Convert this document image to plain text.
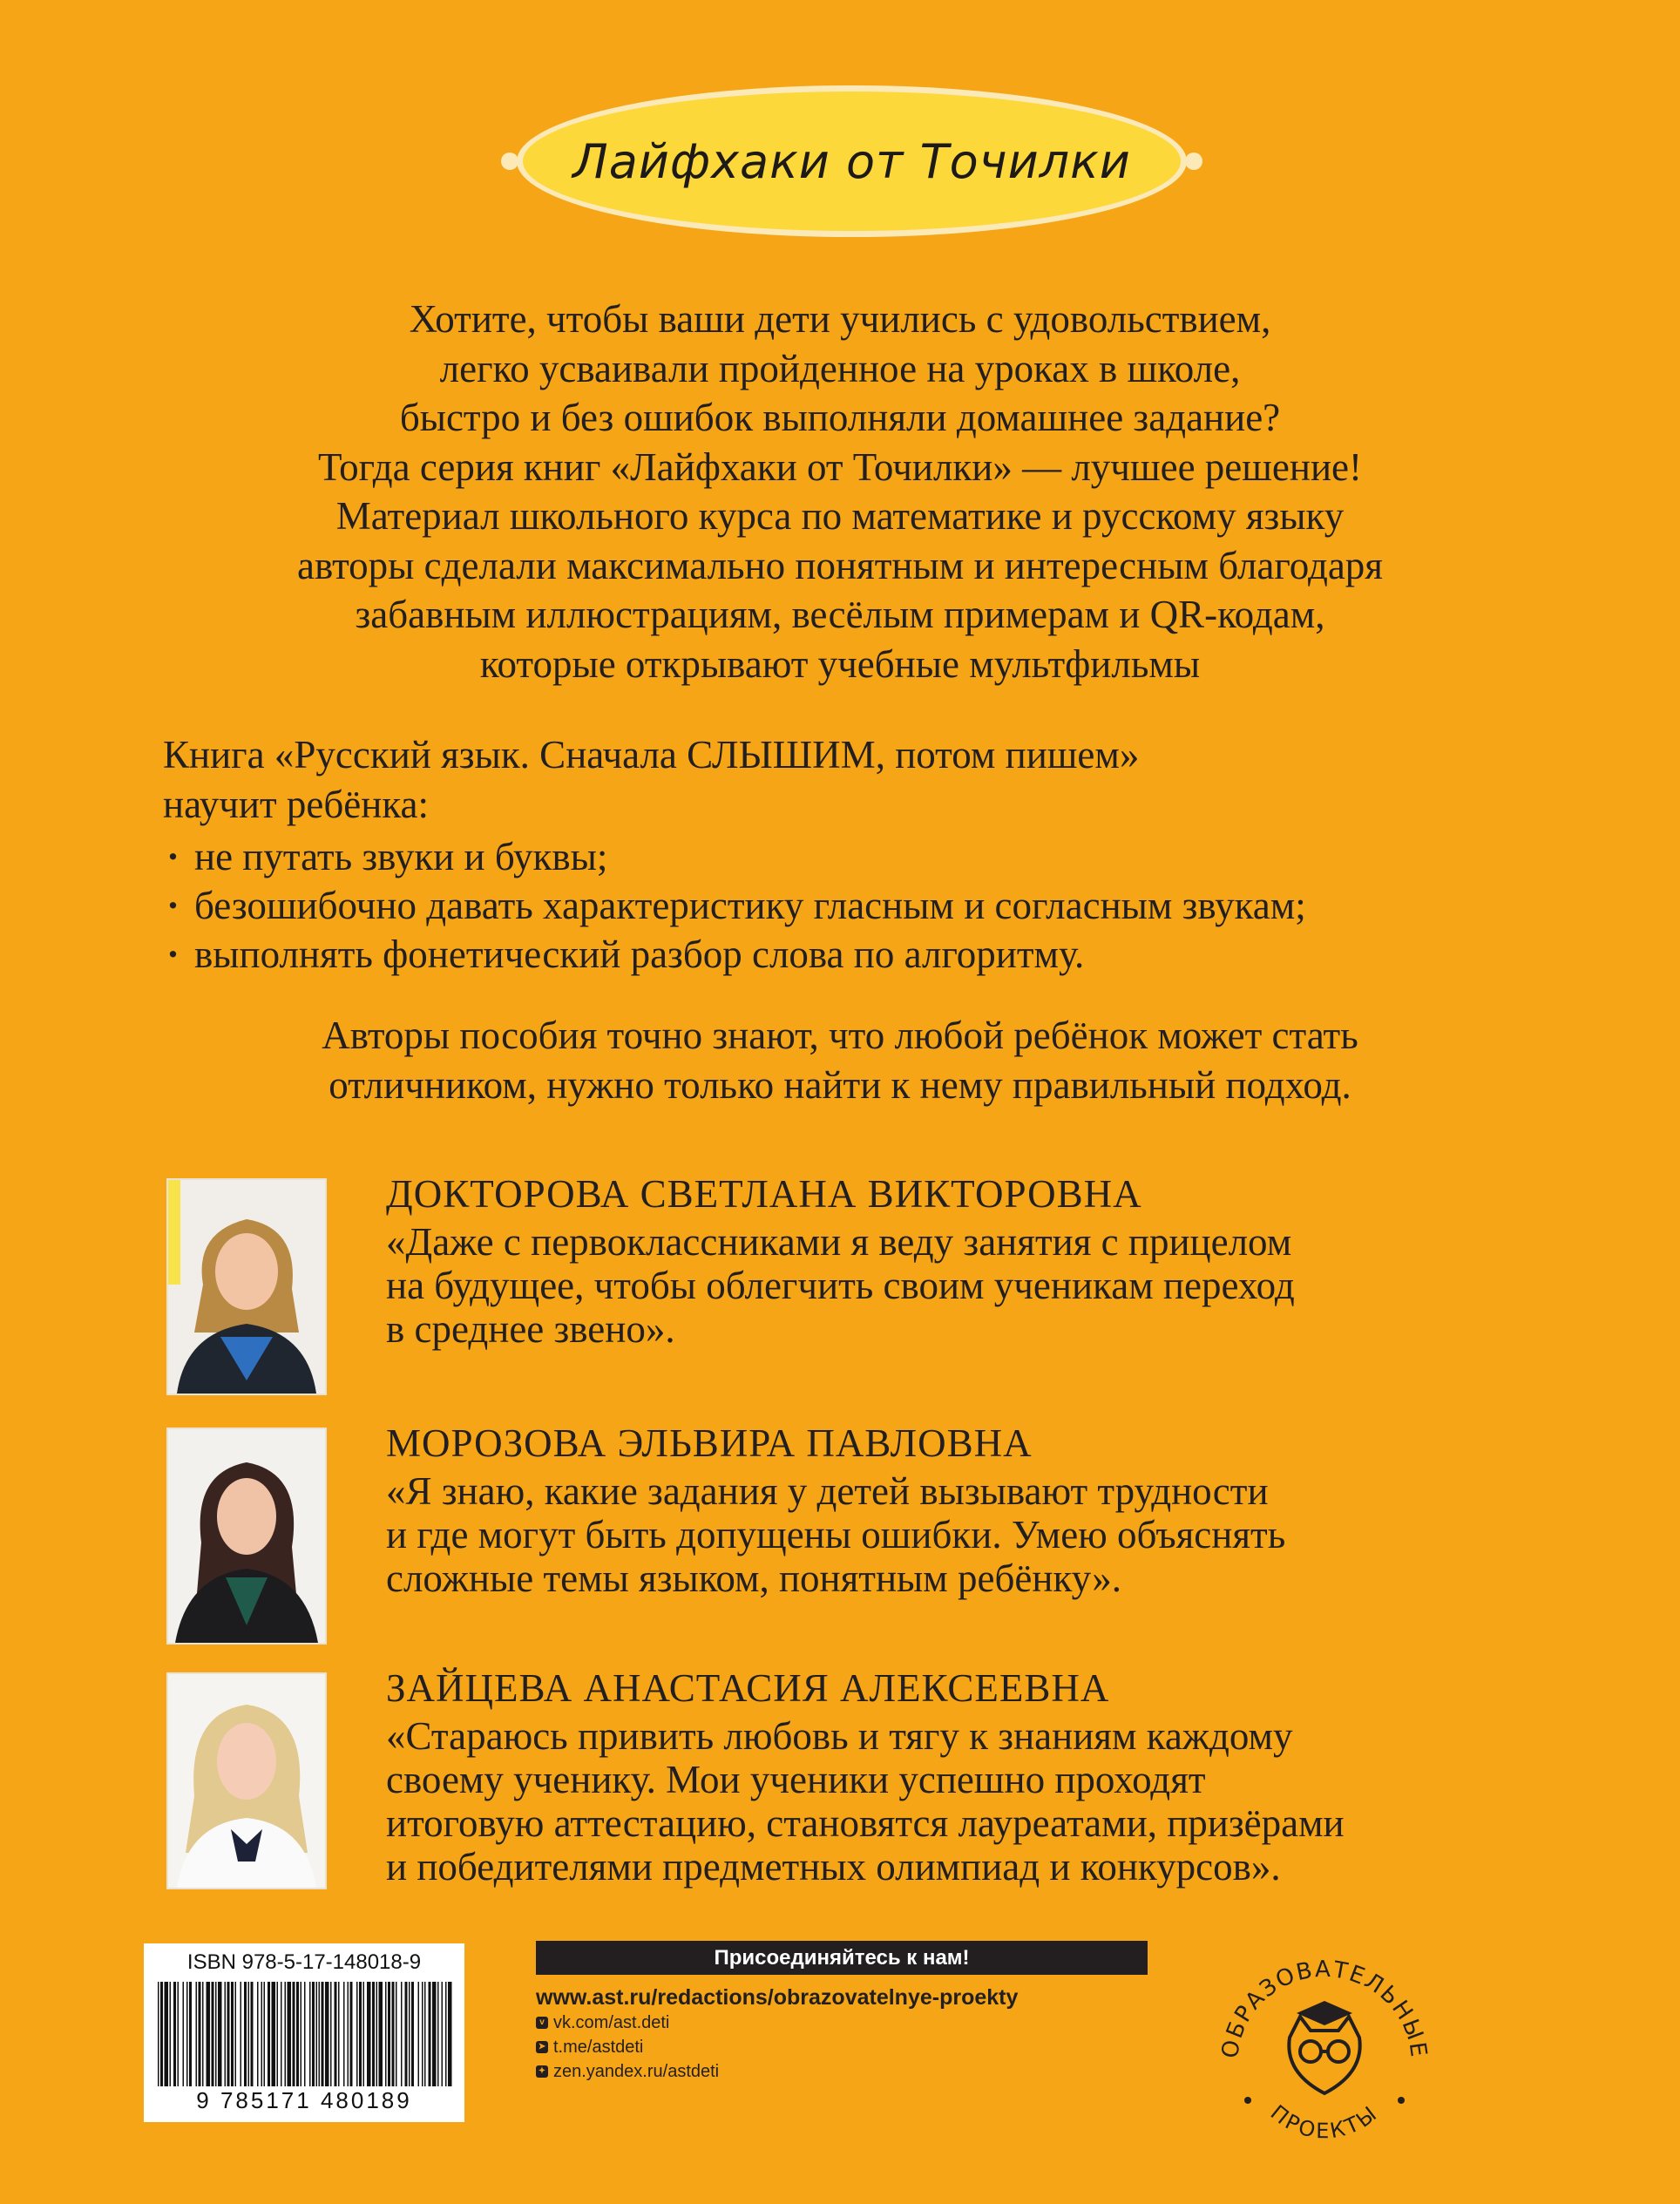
Лайфхаки от Точилки

Хотите, чтобы ваши дети учились с удовольствием,
легко усваивали пройденное на уроках в школе,
быстро и без ошибок выполняли домашнее задание?
Тогда серия книг «Лайфхаки от Точилки» — лучшее решение!
Материал школьного курса по математике и русскому языку
авторы сделали максимально понятным и интересным благодаря
забавным иллюстрациям, весёлым примерам и QR-кодам,
которые открывают учебные мультфильмы

Книга «Русский язык. Сначала СЛЫШИМ, потом пишем»
научит ребёнка:
· не путать звуки и буквы;
· безошибочно давать характеристику гласным и согласным звукам;
· выполнять фонетический разбор слова по алгоритму.
Авторы пособия точно знают, что любой ребёнок может стать
отличником, нужно только найти к нему правильный подход.
ДОКТОРОВА СВЕТЛАНА ВИКТОРОВНА
«Даже с первоклассниками я веду занятия с прицелом
на будущее, чтобы облегчить своим ученикам переход
в среднее звено».
МОРОЗОВА ЭЛЬВИРА ПАВЛОВНА
«Я знаю, какие задания у детей вызывают трудности
и где могут быть допущены ошибки. Умею объяснять
сложные темы языком, понятным ребёнку».
ЗАЙЦЕВА АНАСТАСИЯ АЛЕКСЕЕВНА
«Стараюсь привить любовь и тягу к знаниям каждому
своему ученику. Мои ученики успешно проходят
итоговую аттестацию, становятся лауреатами, призёрами
и победителями предметных олимпиад и конкурсов».
ISBN 978-5-17-148018-9
9 785171 480189
Присоединяйтесь к нам!
www.ast.ru/redactions/obrazovatelnye-proekty
v vk.com/ast.deti
➤ t.me/astdeti
✦ zen.yandex.ru/astdeti
ОБРАЗОВАТЕЛЬНЫЕ
ПРОЕКТЫ
